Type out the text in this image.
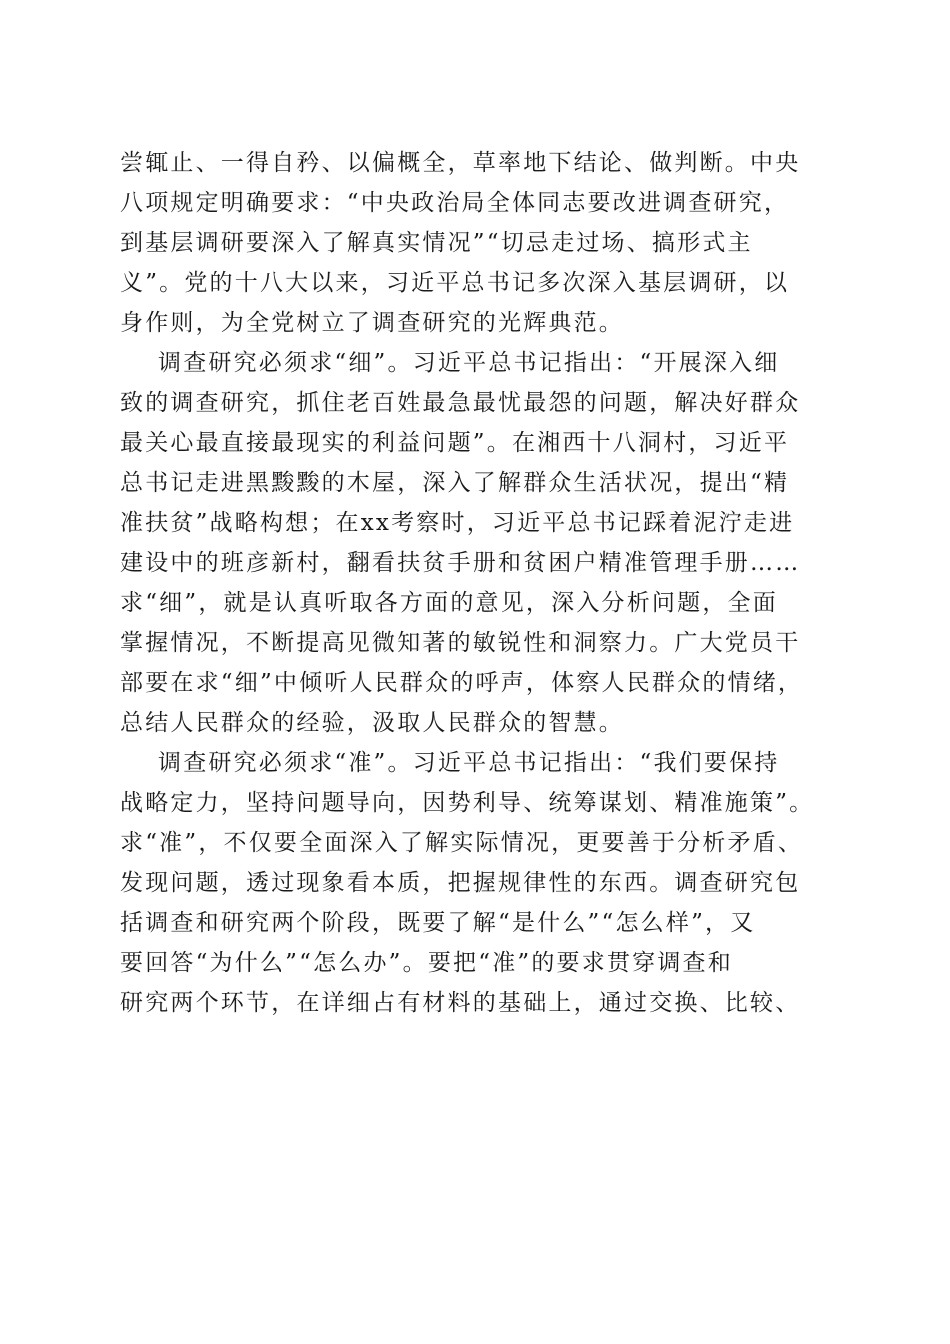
尝辄止、一得自矜、以偏概全，草率地下结论、做判断。中央
八项规定明确要求：“中央政治局全体同志要改进调查研究，
到基层调研要深入了解真实情况”“切忌走过场、搞形式主
义”。党的十八大以来，习近平总书记多次深入基层调研，以
身作则，为全党树立了调查研究的光辉典范。
调查研究必须求“细”。习近平总书记指出：“开展深入细
致的调查研究，抓住老百姓最急最忧最怨的问题，解决好群众
最关心最直接最现实的利益问题”。在湘西十八洞村，习近平
总书记走进黑黢黢的木屋，深入了解群众生活状况，提出“精
准扶贫”战略构想；在xx考察时，习近平总书记踩着泥泞走进
建设中的班彦新村，翻看扶贫手册和贫困户精准管理手册……
求“细”，就是认真听取各方面的意见，深入分析问题，全面
掌握情况，不断提高见微知著的敏锐性和洞察力。广大党员干
部要在求“细”中倾听人民群众的呼声，体察人民群众的情绪，
总结人民群众的经验，汲取人民群众的智慧。
调查研究必须求“准”。习近平总书记指出：“我们要保持
战略定力，坚持问题导向，因势利导、统筹谋划、精准施策”。
求“准”，不仅要全面深入了解实际情况，更要善于分析矛盾、
发现问题，透过现象看本质，把握规律性的东西。调查研究包
括调查和研究两个阶段，既要了解“是什么”“怎么样”，又
要回答“为什么”“怎么办”。要把“准”的要求贯穿调查和
研究两个环节，在详细占有材料的基础上，通过交换、比较、
